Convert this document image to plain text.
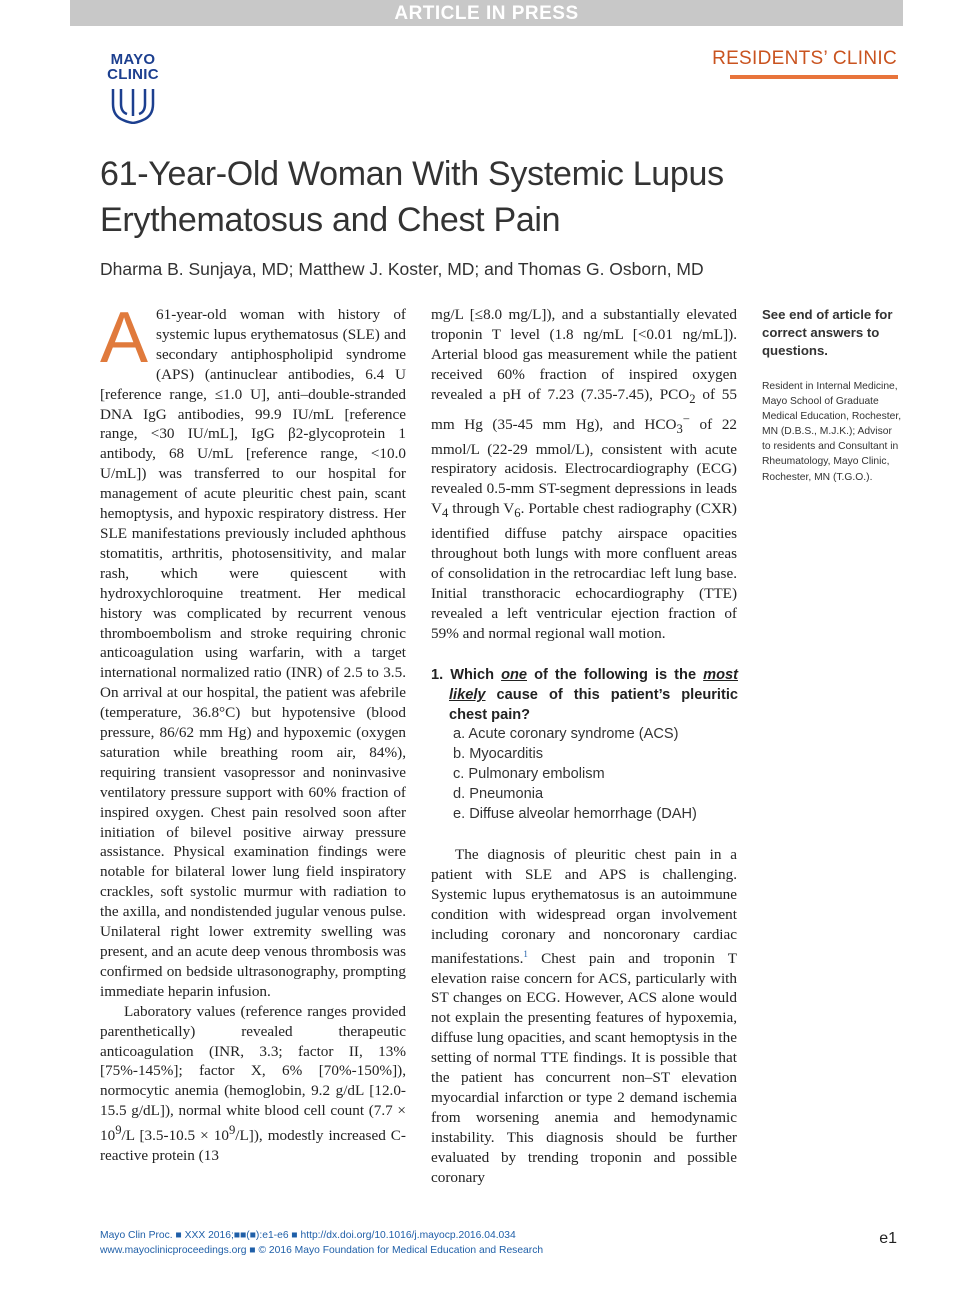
ARTICLE IN PRESS
MAYO
CLINIC
RESIDENTS’ CLINIC
61-Year-Old Woman With Systemic Lupus Erythematosus and Chest Pain
Dharma B. Sunjaya, MD; Matthew J. Koster, MD; and Thomas G. Osborn, MD

A 61-year-old woman with history of systemic lupus erythematosus (SLE) and secondary antiphospholipid syndrome (APS) (antinuclear antibodies, 6.4 U [reference range, ≤1.0 U], anti–double-stranded DNA IgG antibodies, 99.9 IU/mL [reference range, <30 IU/mL], IgG β2-glycoprotein 1 antibody, 68 U/mL [reference range, <10.0 U/mL]) was transferred to our hospital for management of acute pleuritic chest pain, scant hemoptysis, and hypoxic respiratory distress. Her SLE manifestations previously included aphthous stomatitis, arthritis, photosensitivity, and malar rash, which were quiescent with hydroxychloroquine treatment. Her medical history was complicated by recurrent venous thromboembolism and stroke requiring chronic anticoagulation using warfarin, with a target international normalized ratio (INR) of 2.5 to 3.5. On arrival at our hospital, the patient was afebrile (temperature, 36.8°C) but hypotensive (blood pressure, 86/62 mm Hg) and hypoxemic (oxygen saturation while breathing room air, 84%), requiring transient vasopressor and noninvasive ventilatory pressure support with 60% fraction of inspired oxygen. Chest pain resolved soon after initiation of bilevel positive airway pressure assistance. Physical examination findings were notable for bilateral lower lung field inspiratory crackles, soft systolic murmur with radiation to the axilla, and nondistended jugular venous pulse. Unilateral right lower extremity swelling was present, and an acute deep venous thrombosis was confirmed on bedside ultrasonography, prompting immediate heparin infusion.

Laboratory values (reference ranges provided parenthetically) revealed therapeutic anticoagulation (INR, 3.3; factor II, 13% [75%-145%]; factor X, 6% [70%-150%]), normocytic anemia (hemoglobin, 9.2 g/dL [12.0-15.5 g/dL]), normal white blood cell count ($7.7 \times 10^9/L$ $[3.5-10.5 \times 10^9/L]$), modestly increased C-reactive protein (13

mg/L [≤8.0 mg/L]), and a substantially elevated troponin T level (1.8 ng/mL [<0.01 ng/mL]). Arterial blood gas measurement while the patient received 60% fraction of inspired oxygen revealed a pH of 7.23 (7.35-7.45), $PCO_2$ of 55 mm Hg (35-45 mm Hg), and $HCO_3^-$ of 22 mmol/L (22-29 mmol/L), consistent with acute respiratory acidosis. Electrocardiography (ECG) revealed 0.5-mm ST-segment depressions in leads $V_4$ through $V_6$. Portable chest radiography (CXR) identified diffuse patchy airspace opacities throughout both lungs with more confluent areas of consolidation in the retrocardiac left lung base. Initial transthoracic echocardiography (TTE) revealed a left ventricular ejection fraction of 59% and normal regional wall motion.

1. Which one of the following is the most likely cause of this patient’s pleuritic chest pain?
a. Acute coronary syndrome (ACS)
b. Myocarditis
c. Pulmonary embolism
d. Pneumonia
e. Diffuse alveolar hemorrhage (DAH)

The diagnosis of pleuritic chest pain in a patient with SLE and APS is challenging. Systemic lupus erythematosus is an autoimmune condition with widespread organ involvement including coronary and noncoronary cardiac manifestations.$^1$ Chest pain and troponin T elevation raise concern for ACS, particularly with ST changes on ECG. However, ACS alone would not explain the presenting features of hypoxemia, diffuse lung opacities, and scant hemoptysis in the setting of normal TTE findings. It is possible that the patient has concurrent non–ST elevation myocardial infarction or type 2 demand ischemia from worsening anemia and hemodynamic instability. This diagnosis should be further evaluated by trending troponin and possible coronary

See end of article for correct answers to questions.
Resident in Internal Medicine, Mayo School of Graduate Medical Education, Rochester, MN (D.B.S., M.J.K.); Advisor to residents and Consultant in Rheumatology, Mayo Clinic, Rochester, MN (T.G.O.).
Mayo Clin Proc. ■ XXX 2016;■■(■):e1-e6 ■ http://dx.doi.org/10.1016/j.mayocp.2016.04.034
www.mayoclinicproceedings.org ■ © 2016 Mayo Foundation for Medical Education and Research
e1
